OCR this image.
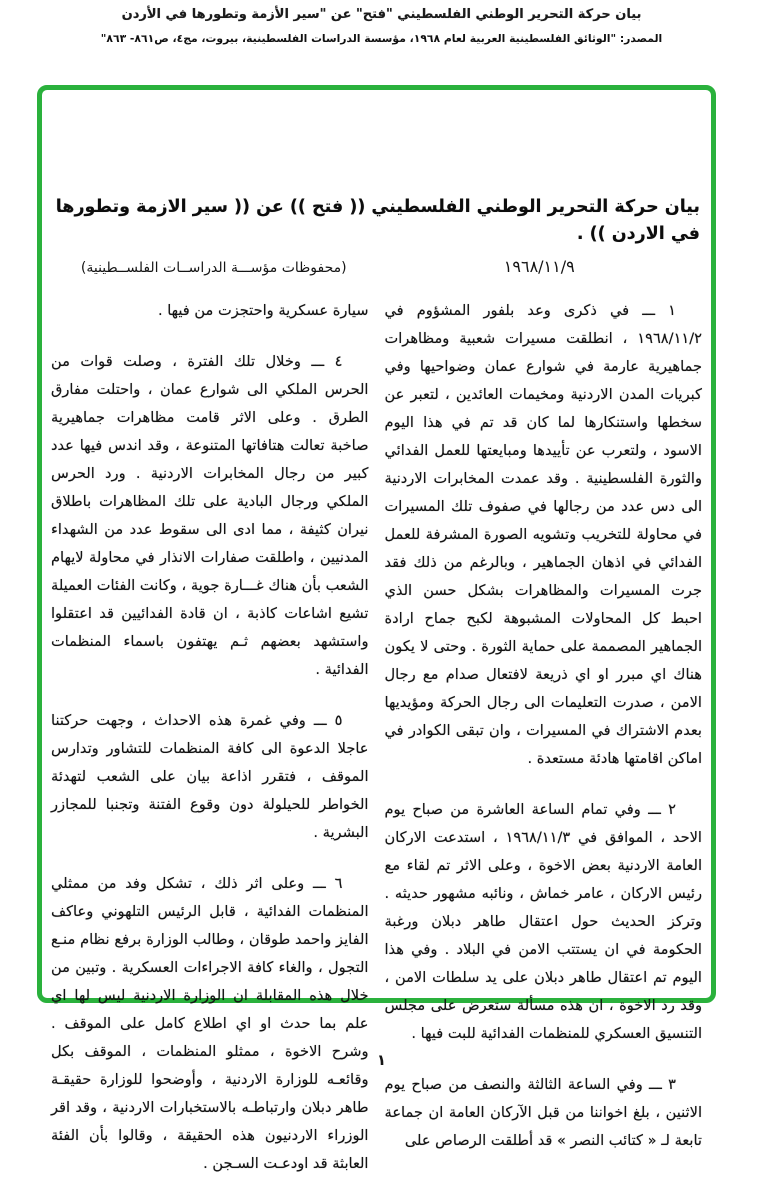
بيان حركة التحرير الوطني الفلسطيني "فتح" عن "سير الأزمة وتطورها في الأردن
المصدر: "الوثائق الفلسطينية العربية لعام ١٩٦٨، مؤسسة الدراسات الفلسطينية، بيروت، مج٤، ص٨٦١- ٨٦٣"
بيان حركة التحرير الوطني الفلسطيني (( فتح )) عن (( سير الازمة وتطورها في الاردن )) .
١٩٦٨/١١/٩
(محفوظات مؤســـة الدراســات الفلســطينية)

١ ـــ في ذكرى وعد بلفور المشؤوم في ١٩٦٨/١١/٢ ، انطلقت مسيرات شعبية ومظاهرات جماهيرية عارمة في شوارع عمان وضواحيها وفي كبريات المدن الاردنية ومخيمات العائدين ، لتعبر عن سخطها واستنكارها لما كان قد تم في هذا اليوم الاسود ، ولتعرب عن تأييدها ومبايعتها للعمل الفدائي والثورة الفلسطينية . وقد عمدت المخابرات الاردنية الى دس عدد من رجالها في صفوف تلك المسيرات في محاولة للتخريب وتشويه الصورة المشرفة للعمل الفدائي في اذهان الجماهير ، وبالرغم من ذلك فقد جرت المسيرات والمظاهرات بشكل حسن الذي احبط كل المحاولات المشبوهة لكبح جماح ارادة الجماهير المصممة على حماية الثورة . وحتى لا يكون هناك اي مبرر او اي ذريعة لافتعال صدام مع رجال الامن ، صدرت التعليمات الى رجال الحركة ومؤيديها بعدم الاشتراك في المسيرات ، وان تبقى الكوادر في اماكن اقامتها هادئة مستعدة .

٢ ـــ وفي تمام الساعة العاشرة من صباح يوم الاحد ، الموافق في ١٩٦٨/١١/٣ ، استدعت الاركان العامة الاردنية بعض الاخوة ، وعلى الاثر تم لقاء مع رئيس الاركان ، عامر خماش ، ونائبه مشهور حديثه . وتركز الحديث حول اعتقال طاهر دبلان ورغبة الحكومة في ان يستتب الامن في البلاد . وفي هذا اليوم تم اعتقال طاهر دبلان على يد سلطات الامن ، وقد رد الاخوة ، ان هذه مسألة ستعرض على مجلس التنسيق العسكري للمنظمات الفدائية للبت فيها .

٣ ـــ وفي الساعة الثالثة والنصف من صباح يوم الاثنين ، بلغ اخواننا من قبل الآركان العامة ان جماعة تابعة لـ « كتائب النصر » قد أطلقت الرصاص على

سيارة عسكرية واحتجزت من فيها .

٤ ـــ وخلال تلك الفترة ، وصلت قوات من الحرس الملكي الى شوارع عمان ، واحتلت مفارق الطرق . وعلى الاثر قامت مظاهرات جماهيرية صاخبة تعالت هتافاتها المتنوعة ، وقد اندس فيها عدد كبير من رجال المخابرات الاردنية . ورد الحرس الملكي ورجال البادية على تلك المظاهرات باطلاق نيران كثيفة ، مما ادى الى سقوط عدد من الشهداء المدنيين ، واطلقت صفارات الانذار في محاولة لايهام الشعب بأن هناك غـــارة جوية ، وكانت الفئات العميلة تشيع اشاعات كاذبة ، ان قادة الفدائيين قد اعتقلوا واستشهد بعضهم ثـم يهتفون باسماء المنظمات الفدائية .

٥ ـــ وفي غمرة هذه الاحداث ، وجهت حركتنا عاجلا الدعوة الى كافة المنظمات للتشاور وتدارس الموقف ، فتقرر اذاعة بيان على الشعب لتهدئة الخواطر للحيلولة دون وقوع الفتنة وتجنبا للمجازر البشرية .

٦ ـــ وعلى اثر ذلك ، تشكل وفد من ممثلي المنظمات الفدائية ، قابل الرئيس التلهوني وعاكف الفايز واحمد طوقان ، وطالب الوزارة برفع نظام منـع التجول ، والغاء كافة الاجراءات العسكرية . وتبين من خلال هذه المقابلة ان الوزارة الاردنية ليس لها اي علم بما حدث او اي اطلاع كامل على الموقف . وشرح الاخوة ، ممثلو المنظمات ، الموقف بكل وقائعـه للوزارة الاردنية ، وأوضحوا للوزارة حقيقـة طاهر دبلان وارتباطـه بالاستخبارات الاردنية ، وقد اقر الوزراء الاردنيون هذه الحقيقة ، وقالوا بأن الفئة العابثة قد اودعـت السـجن .

١
